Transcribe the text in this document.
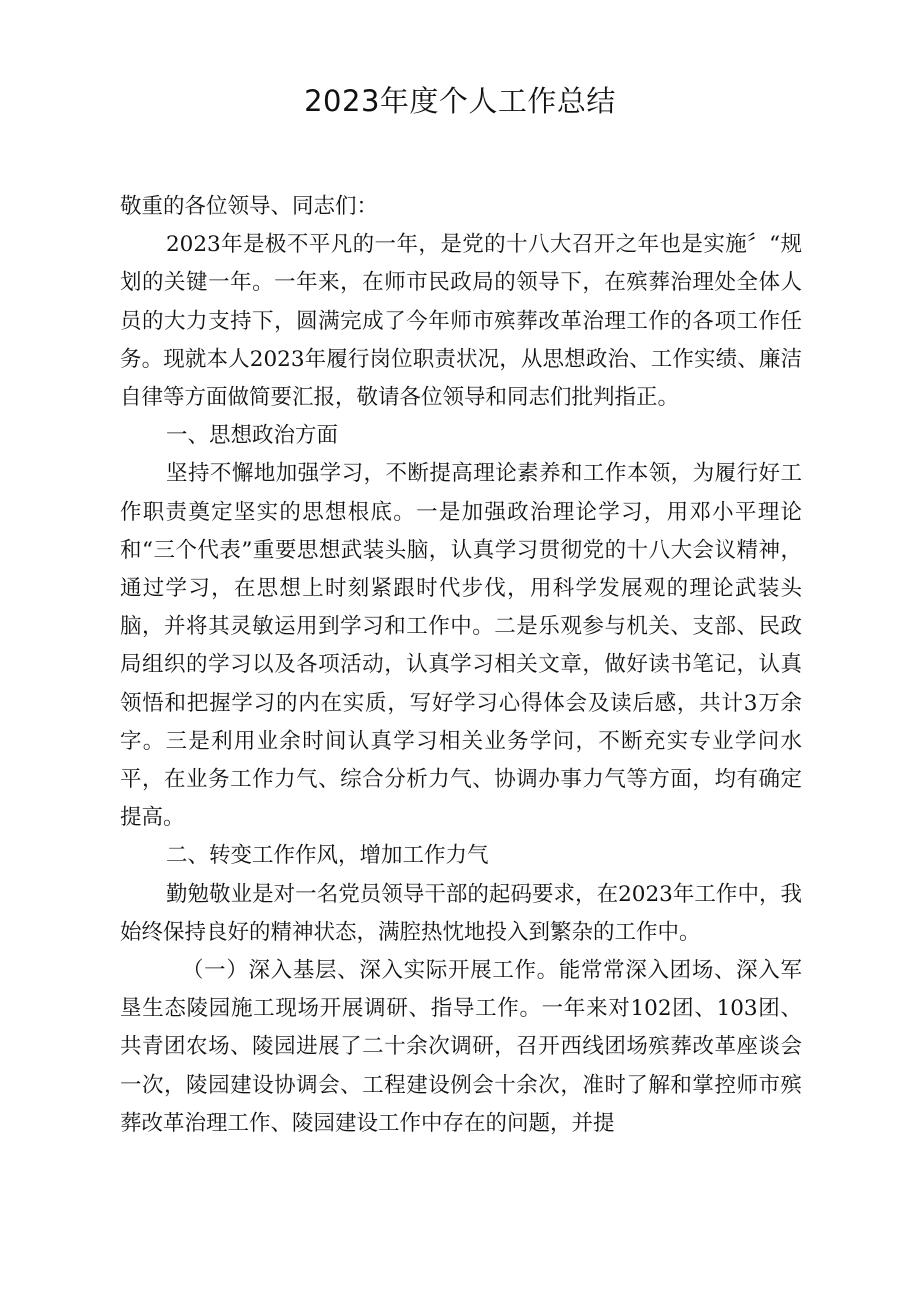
2023年度个人工作总结

敬重的各位领导、同志们：

2023年是极不平凡的一年，是党的十八大召开之年也是实施〞“规划的关键一年。一年来，在师市民政局的领导下，在殡葬治理处全体人员的大力支持下，圆满完成了今年师市殡葬改革治理工作的各项工作任务。现就本人2023年履行岗位职责状况，从思想政治、工作实绩、廉洁自律等方面做简要汇报，敬请各位领导和同志们批判指正。

一、思想政治方面

坚持不懈地加强学习，不断提高理论素养和工作本领，为履行好工作职责奠定坚实的思想根底。一是加强政治理论学习，用邓小平理论和“三个代表”重要思想武装头脑，认真学习贯彻党的十八大会议精神，通过学习，在思想上时刻紧跟时代步伐，用科学发展观的理论武装头脑，并将其灵敏运用到学习和工作中。二是乐观参与机关、支部、民政局组织的学习以及各项活动，认真学习相关文章，做好读书笔记，认真领悟和把握学习的内在实质，写好学习心得体会及读后感，共计3万余字。三是利用业余时间认真学习相关业务学问，不断充实专业学问水平，在业务工作力气、综合分析力气、协调办事力气等方面，均有确定提高。

二、转变工作作风，增加工作力气

勤勉敬业是对一名党员领导干部的起码要求，在2023年工作中，我始终保持良好的精神状态，满腔热忱地投入到繁杂的工作中。

（一）深入基层、深入实际开展工作。能常常深入团场、深入军垦生态陵园施工现场开展调研、指导工作。一年来对102团、103团、共青团农场、陵园进展了二十余次调研，召开西线团场殡葬改革座谈会一次，陵园建设协调会、工程建设例会十余次，准时了解和掌控师市殡葬改革治理工作、陵园建设工作中存在的问题，并提
